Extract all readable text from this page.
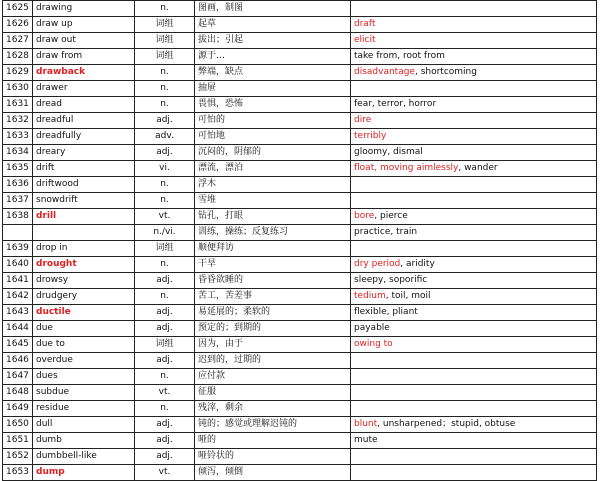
1625	drawing	n.	图画，制图	
1626	draw up	词组	起草	draft
1627	draw out	词组	拔出；引起	elicit
1628	draw from	词组	源于…	take from, root from
1629	drawback	n.	弊端，缺点	disadvantage, shortcoming
1630	drawer	n.	抽屉	
1631	dread	n.	畏惧，恐怖	fear, terror, horror
1632	dreadful	adj.	可怕的	dire
1633	dreadfully	adv.	可怕地	terribly
1634	dreary	adj.	沉闷的，阴郁的	gloomy, dismal
1635	drift	vi.	漂流，漂泊	float, moving aimlessly, wander
1636	driftwood	n.	浮木	
1637	snowdrift	n.	雪堆	
1638	drill	vt.	钻孔，打眼	bore, pierce
		n./vi.	训练，操练；反复练习	practice, train
1639	drop in	词组	顺便拜访	
1640	drought	n.	干旱	dry period, aridity
1641	drowsy	adj.	昏昏欲睡的	sleepy, soporific
1642	drudgery	n.	苦工，苦差事	tedium, toil, moil
1643	ductile	adj.	易延展的；柔软的	flexible, pliant
1644	due	adj.	预定的；到期的	payable
1645	due to	词组	因为，由于	owing to
1646	overdue	adj.	迟到的，过期的	
1647	dues	n.	应付款	
1648	subdue	vt.	征服	
1649	residue	n.	残滓，剩余	
1650	dull	adj.	钝的；感觉或理解迟钝的	blunt, unsharpened；stupid, obtuse
1651	dumb	adj.	哑的	mute
1652	dumbbell-like	adj.	哑铃状的	
1653	dump	vt.	倾泻，倾倒	
